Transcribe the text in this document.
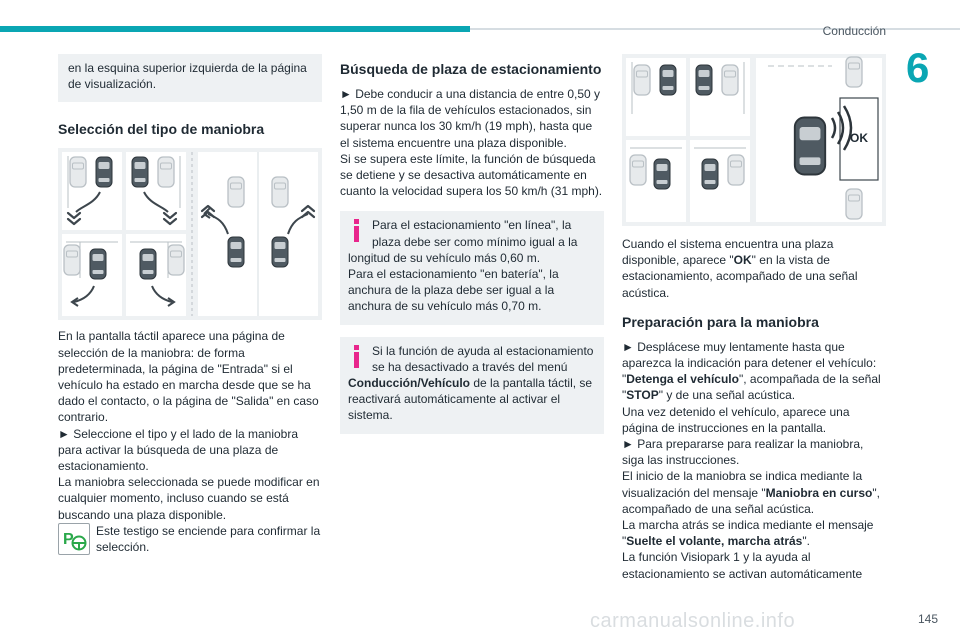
Conducción
6

en la esquina superior izquierda de la página de visualización.

Selección del tipo de maniobra

En la pantalla táctil aparece una página de selección de la maniobra: de forma predeterminada, la página de "Entrada" si el vehículo ha estado en marcha desde que se ha dado el contacto, o la página de "Salida" en caso contrario.

► Seleccione el tipo y el lado de la maniobra para activar la búsqueda de una plaza de estacionamiento.

La maniobra seleccionada se puede modificar en cualquier momento, incluso cuando se está buscando una plaza disponible.

P Este testigo se enciende para confirmar la selección.

Búsqueda de plaza de estacionamiento

► Debe conducir a una distancia de entre 0,50 y 1,50 m de la fila de vehículos estacionados, sin superar nunca los 30 km/h (19 mph), hasta que el sistema encuentre una plaza disponible.

Si se supera este límite, la función de búsqueda se detiene y se desactiva automáticamente en cuanto la velocidad supera los 50 km/h (31 mph).

Para el estacionamiento "en línea", la plaza debe ser como mínimo igual a la longitud de su vehículo más 0,60 m.

Para el estacionamiento "en batería", la anchura de la plaza debe ser igual a la anchura de su vehículo más 0,70 m.

Si la función de ayuda al estacionamiento se ha desactivado a través del menú Conducción/Vehículo de la pantalla táctil, se reactivará automáticamente al activar el sistema.

OK

Cuando el sistema encuentra una plaza disponible, aparece "OK" en la vista de estacionamiento, acompañado de una señal acústica.

Preparación para la maniobra

► Desplácese muy lentamente hasta que aparezca la indicación para detener el vehículo: "Detenga el vehículo", acompañada de la señal "STOP" y de una señal acústica.

Una vez detenido el vehículo, aparece una página de instrucciones en la pantalla.

► Para prepararse para realizar la maniobra, siga las instrucciones.

El inicio de la maniobra se indica mediante la visualización del mensaje "Maniobra en curso", acompañado de una señal acústica.

La marcha atrás se indica mediante el mensaje "Suelte el volante, marcha atrás".

La función Visiopark 1 y la ayuda al estacionamiento se activan automáticamente

carmanualsonline.info	145
